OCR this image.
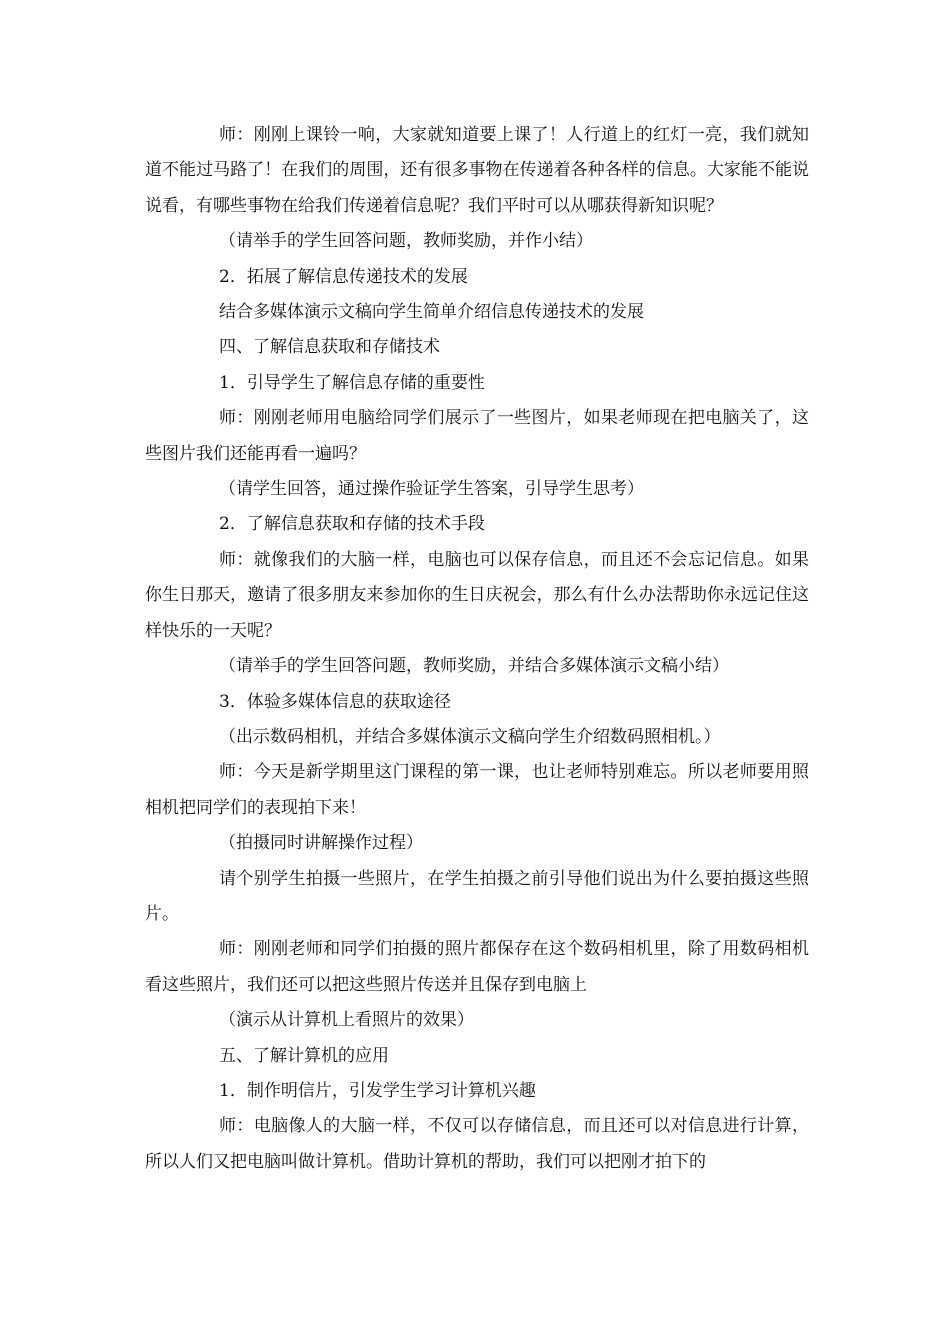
师：刚刚上课铃一响，大家就知道要上课了！人行道上的红灯一亮，我们就知道不能过马路了！在我们的周围，还有很多事物在传递着各种各样的信息。大家能不能说说看，有哪些事物在给我们传递着信息呢？我们平时可以从哪获得新知识呢？

（请举手的学生回答问题，教师奖励，并作小结）

2．拓展了解信息传递技术的发展

结合多媒体演示文稿向学生简单介绍信息传递技术的发展

四、了解信息获取和存储技术

1．引导学生了解信息存储的重要性

师：刚刚老师用电脑给同学们展示了一些图片，如果老师现在把电脑关了，这些图片我们还能再看一遍吗？

（请学生回答，通过操作验证学生答案，引导学生思考）

2．了解信息获取和存储的技术手段

师：就像我们的大脑一样，电脑也可以保存信息，而且还不会忘记信息。如果你生日那天，邀请了很多朋友来参加你的生日庆祝会，那么有什么办法帮助你永远记住这样快乐的一天呢？

（请举手的学生回答问题，教师奖励，并结合多媒体演示文稿小结）

3．体验多媒体信息的获取途径

（出示数码相机，并结合多媒体演示文稿向学生介绍数码照相机。）

师：今天是新学期里这门课程的第一课，也让老师特别难忘。所以老师要用照相机把同学们的表现拍下来！

（拍摄同时讲解操作过程）

请个别学生拍摄一些照片，在学生拍摄之前引导他们说出为什么要拍摄这些照片。

师：刚刚老师和同学们拍摄的照片都保存在这个数码相机里，除了用数码相机看这些照片，我们还可以把这些照片传送并且保存到电脑上

（演示从计算机上看照片的效果）

五、了解计算机的应用

1．制作明信片，引发学生学习计算机兴趣

师：电脑像人的大脑一样，不仅可以存储信息，而且还可以对信息进行计算，所以人们又把电脑叫做计算机。借助计算机的帮助，我们可以把刚才拍下的
